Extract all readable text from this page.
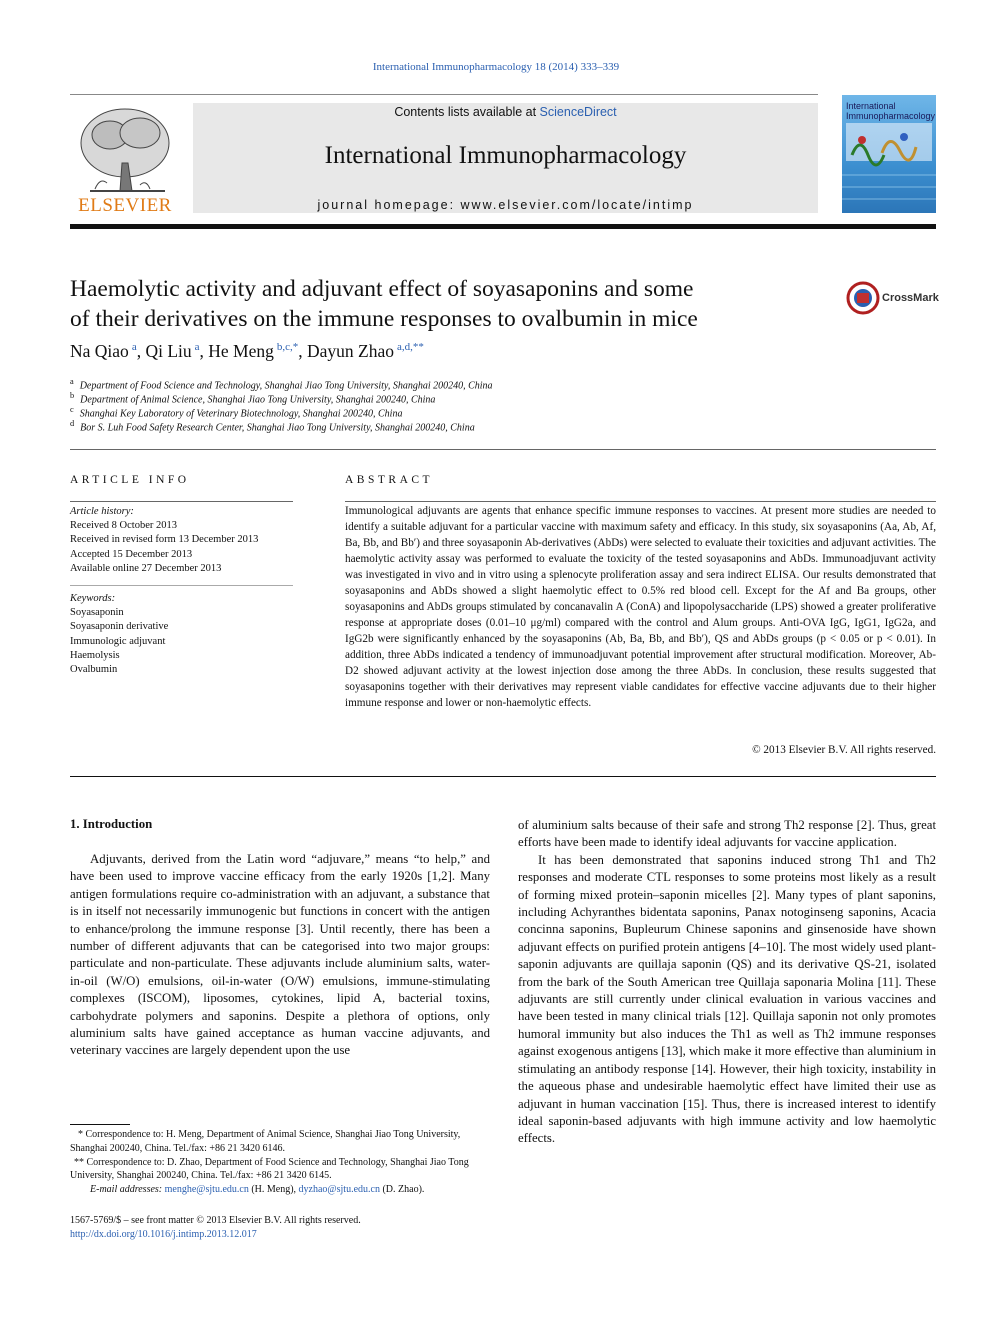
International Immunopharmacology 18 (2014) 333–339
ELSEVIER
Contents lists available at ScienceDirect
International Immunopharmacology
journal homepage: www.elsevier.com/locate/intimp
International
Immunopharmacology
Haemolytic activity and adjuvant effect of soyasaponins and some
of their derivatives on the immune responses to ovalbumin in mice
CrossMark
Na Qiao $^a$, Qi Liu $^a$, He Meng $^{b,c,*}$, Dayun Zhao $^{a,d,**}$
$^a$ Department of Food Science and Technology, Shanghai Jiao Tong University, Shanghai 200240, China
$^b$ Department of Animal Science, Shanghai Jiao Tong University, Shanghai 200240, China
$^c$ Shanghai Key Laboratory of Veterinary Biotechnology, Shanghai 200240, China
$^d$ Bor S. Luh Food Safety Research Center, Shanghai Jiao Tong University, Shanghai 200240, China
ARTICLE INFO
Article history:
Received 8 October 2013
Received in revised form 13 December 2013
Accepted 15 December 2013
Available online 27 December 2013
Keywords:
Soyasaponin
Soyasaponin derivative
Immunologic adjuvant
Haemolysis
Ovalbumin
ABSTRACT
Immunological adjuvants are agents that enhance specific immune responses to vaccines. At present more studies are needed to identify a suitable adjuvant for a particular vaccine with maximum safety and efficacy. In this study, six soyasaponins (Aa, Ab, Af, Ba, Bb, and Bb′) and three soyasaponin Ab-derivatives (AbDs) were selected to evaluate their toxicities and adjuvant activities. The haemolytic activity assay was performed to evaluate the toxicity of the tested soyasaponins and AbDs. Immunoadjuvant activity was investigated in vivo and in vitro using a splenocyte proliferation assay and sera indirect ELISA. Our results demonstrated that soyasaponins and AbDs showed a slight haemolytic effect to 0.5% red blood cell. Except for the Af and Ba groups, other soyasaponins and AbDs groups stimulated by concanavalin A (ConA) and lipopolysaccharide (LPS) showed a greater proliferative response at appropriate doses (0.01–10 μg/ml) compared with the control and Alum groups. Anti-OVA IgG, IgG1, IgG2a, and IgG2b were significantly enhanced by the soyasaponins (Ab, Ba, Bb, and Bb′), QS and AbDs groups (p < 0.05 or p < 0.01). In addition, three AbDs indicated a tendency of immunoadjuvant potential improvement after structural modification. Moreover, Ab-D2 showed adjuvant activity at the lowest injection dose among the three AbDs. In conclusion, these results suggested that soyasaponins together with their derivatives may represent viable candidates for effective vaccine adjuvants due to their higher immune response and lower or non-haemolytic effects.
© 2013 Elsevier B.V. All rights reserved.
1. Introduction

Adjuvants, derived from the Latin word “adjuvare,” means “to help,” and have been used to improve vaccine efficacy from the early 1920s [1,2]. Many antigen formulations require co-administration with an adjuvant, a substance that is in itself not necessarily immunogenic but functions in concert with the antigen to enhance/prolong the immune response [3]. Until recently, there has been a number of different adjuvants that can be categorised into two major groups: particulate and non-particulate. These adjuvants include aluminium salts, water-in-oil (W/O) emulsions, oil-in-water (O/W) emulsions, immune-stimulating complexes (ISCOM), liposomes, cytokines, lipid A, bacterial toxins, carbohydrate polymers and saponins. Despite a plethora of options, only aluminium salts have gained acceptance as human vaccine adjuvants, and veterinary vaccines are largely dependent upon the use

of aluminium salts because of their safe and strong Th2 response [2]. Thus, great efforts have been made to identify ideal adjuvants for vaccine application.

It has been demonstrated that saponins induced strong Th1 and Th2 responses and moderate CTL responses to some proteins most likely as a result of forming mixed protein–saponin micelles [2]. Many types of plant saponins, including Achyranthes bidentata saponins, Panax notoginseng saponins, Acacia concinna saponins, Bupleurum Chinese saponins and ginsenoside have shown adjuvant effects on purified protein antigens [4–10]. The most widely used plant-saponin adjuvants are quillaja saponin (QS) and its derivative QS-21, isolated from the bark of the South American tree Quillaja saponaria Molina [11]. These adjuvants are still currently under clinical evaluation in various vaccines and have been tested in many clinical trials [12]. Quillaja saponin not only promotes humoral immunity but also induces the Th1 as well as Th2 immune responses against exogenous antigens [13], which make it more effective than aluminium in stimulating an antibody response [14]. However, their high toxicity, instability in the aqueous phase and undesirable haemolytic effect have limited their use as adjuvant in human vaccination [15]. Thus, there is increased interest to identify ideal saponin-based adjuvants with high immune activity and low haemolytic effects.

* Correspondence to: H. Meng, Department of Animal Science, Shanghai Jiao Tong University, Shanghai 200240, China. Tel./fax: +86 21 3420 6146.

** Correspondence to: D. Zhao, Department of Food Science and Technology, Shanghai Jiao Tong University, Shanghai 200240, China. Tel./fax: +86 21 3420 6145.

E-mail addresses: menghe@sjtu.edu.cn (H. Meng), dyzhao@sjtu.edu.cn (D. Zhao).

1567-5769/$ – see front matter © 2013 Elsevier B.V. All rights reserved.
http://dx.doi.org/10.1016/j.intimp.2013.12.017
